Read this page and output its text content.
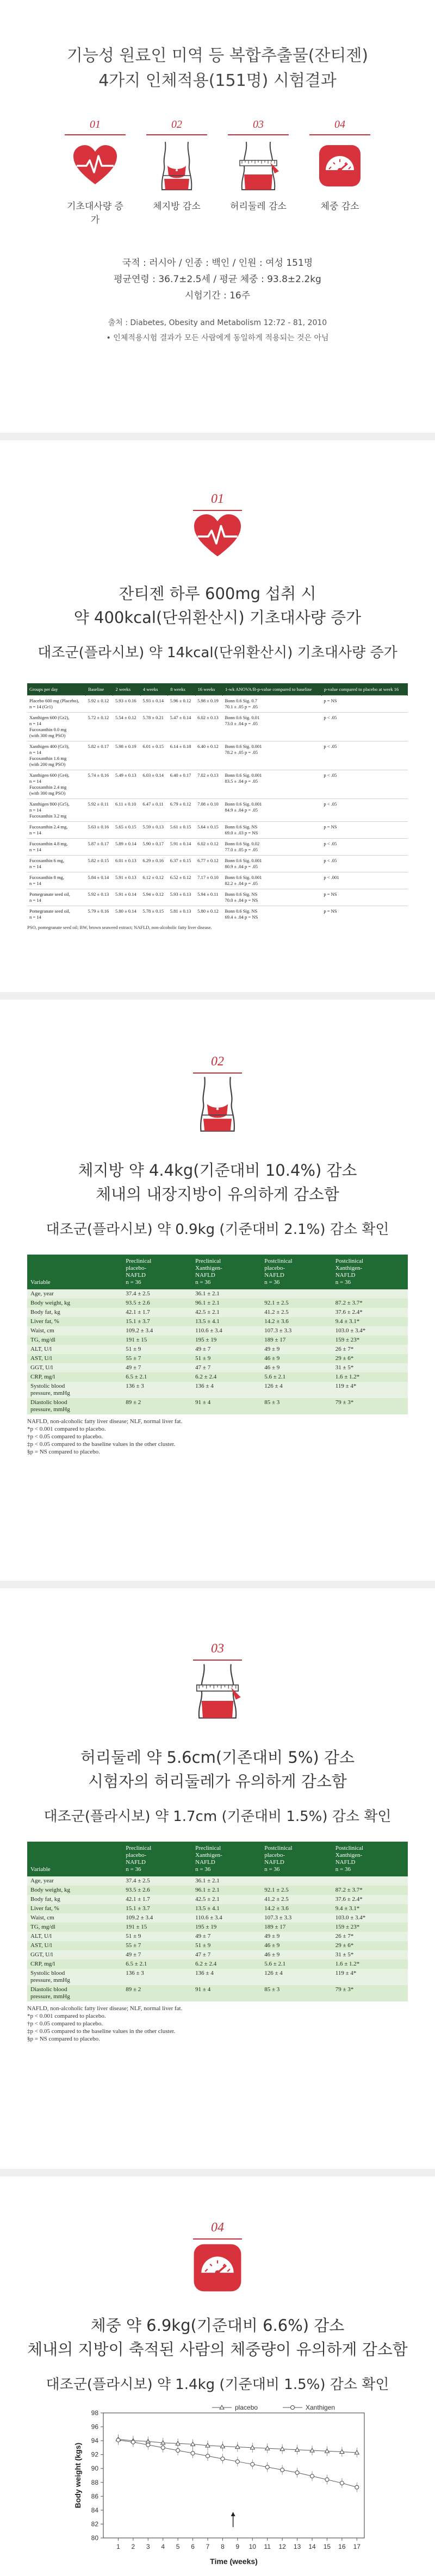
기능성 원료인 미역 등 복합추출물(잔티젠)
4가지 인체적용(151명) 시험결과
01
기초대사량 증가
02
체지방 감소
03
허리둘레 감소
04
체중 감소
국적 : 러시아 / 인종 : 백인 / 인원 : 여성 151명
평균연령 : 36.7±2.5세 / 평균 체중 : 93.8±2.2kg
시험기간 : 16주
출처 : Diabetes, Obesity and Metabolism 12:72 - 81, 2010
• 인체적용시험 결과가 모든 사람에게 동일하게 적용되는 것은 아님
01
잔티젠 하루 600mg 섭취 시
약 400kcal(단위환산시) 기초대사량 증가
대조군(플라시보) 약 14kcal(단위환산시) 기초대사량 증가
Groups per day	Baseline	2 weeks	4 weeks	8 weeks	16 weeks	1-wk ANOVA/B-p-value compared to baseline	p-value compared to placebo at week 16
Placebo 600 mg (Placebo),
n = 14 (Gr1)	5.92 ± 0.12	5.93 ± 0.16	5.93 ± 0.14	5.96 ± 0.12	5.98 ± 0.19	Bonn 0.6 Sig. 0.7
70.1 ± .05 p = .05	p = NS
Xanthigen 600 (Gr2),
n = 14
Fucoxanthin 0.0 mg
(with 300 mg PSO)	5.72 ± 0.12	5.54 ± 0.12	5.78 ± 0.21	5.47 ± 0.14	6.02 ± 0.13	Bonn 0.6 Sig. 0.01
73.0 ± .04 p = .05	p < .05
Xanthigen 400 (Gr3),
n = 14
Fucoxanthin 1.6 mg
(with 200 mg PSO)	5.82 ± 0.17	5.98 ± 0.19	6.01 ± 0.15	6.14 ± 0.18	6.40 ± 0.12	Bonn 0.6 Sig. 0.001
78.2 ± .05 p = .05	p < .05
Xanthigen 600 (Gr4),
n = 14
Fucoxanthin 2.4 mg
(with 300 mg PSO)	5.74 ± 0.16	5.49 ± 0.13	6.03 ± 0.14	6.40 ± 0.17	7.02 ± 0.13	Bonn 0.6 Sig. 0.001
83.5 ± .04 p = .05	p < .05
Xanthigen 800 (Gr5),
n = 14
Fucoxanthin 3.2 mg	5.92 ± 0.11	6.11 ± 0.10	6.47 ± 0.11	6.79 ± 0.12	7.08 ± 0.10	Bonn 0.6 Sig. 0.001
84.9 ± .04 p = .05	p < .05
Fucoxanthin 2.4 mg,
n = 14	5.63 ± 0.16	5.65 ± 0.15	5.59 ± 0.13	5.61 ± 0.15	5.64 ± 0.15	Bonn 0.6 Sig. NS
69.0 ± .03 p = NS	p = NS
Fucoxanthin 4.8 mg,
n = 14	5.87 ± 0.17	5.89 ± 0.14	5.90 ± 0.17	5.91 ± 0.14	6.02 ± 0.12	Bonn 0.6 Sig. 0.02
77.0 ± .05 p = .05	p < .05
Fucoxanthin 6 mg,
n = 14	5.82 ± 0.15	6.01 ± 0.13	6.29 ± 0.16	6.37 ± 0.15	6.77 ± 0.12	Bonn 0.6 Sig. 0.001
80.9 ± .04 p = .05	p < .05
Fucoxanthin 8 mg,
n = 14	5.84 ± 0.14	5.91 ± 0.13	6.12 ± 0.12	6.52 ± 0.12	7.17 ± 0.10	Bonn 0.6 Sig. 0.001
82.2 ± .04 p = .05	p < .001
Pomegranate seed oil,
n = 14	5.92 ± 0.13	5.91 ± 0.14	5.94 ± 0.12	5.93 ± 0.13	5.94 ± 0.11	Bonn 0.6 Sig. NS
70.0 ± .04 p = NS	p = NS
Pomegranate seed oil,
n = 14	5.79 ± 0.16	5.80 ± 0.14	5.78 ± 0.15	5.81 ± 0.13	5.80 ± 0.12	Bonn 0.6 Sig. NS
69.4 ± .04 p = NS	p = NS
PSO, pomegranate seed oil; BW, brown seaweed extract; NAFLD, non-alcoholic fatty liver disease.
02
체지방 약 4.4kg(기준대비 10.4%) 감소
체내의 내장지방이 유의하게 감소함
대조군(플라시보) 약 0.9kg (기준대비 2.1%) 감소 확인
Variable	Preclinical
placebo-
NAFLD
n = 36	Preclinical
Xanthigen-
NAFLD
n = 36	Postclinical
placebo-
NAFLD
n = 36	Postclinical
Xanthigen-
NAFLD
n = 36
Age, year	37.4 ± 2.5	36.1 ± 2.1		
Body weight, kg	93.5 ± 2.6	96.1 ± 2.1	92.1 ± 2.5	87.2 ± 3.7*
Body fat, kg	42.1 ± 1.7	42.5 ± 2.1	41.2 ± 2.5	37.6 ± 2.4*
Liver fat, %	15.1 ± 3.7	13.5 ± 4.1	14.2 ± 3.6	9.4 ± 3.1*
Waist, cm	109.2 ± 3.4	110.6 ± 3.4	107.3 ± 3.3	103.0 ± 3.4*
TG, mg/dl	191 ± 15	195 ± 19	189 ± 17	159 ± 23*
ALT, U/l	51 ± 9	49 ± 7	49 ± 9	26 ± 7*
AST, U/l	55 ± 7	51 ± 9	46 ± 9	29 ± 6*
GGT, U/l	49 ± 7	47 ± 7	46 ± 9	31 ± 5*
CRP, mg/l	6.5 ± 2.1	6.2 ± 2.4	5.6 ± 2.1	1.6 ± 1.2*
Systolic blood
pressure, mmHg	136 ± 3	136 ± 4	126 ± 4	119 ± 4*
Diastolic blood
pressure, mmHg	89 ± 2	91 ± 4	85 ± 3	79 ± 3*

NAFLD, non-alcoholic fatty liver disease; NLF, normal liver fat.

*p < 0.001 compared to placebo.

†p < 0.05 compared to placebo.

‡p < 0.05 compared to the baseline values in the other cluster.

§p = NS compared to placebo.

03
허리둘레 약 5.6cm(기존대비 5%) 감소
시험자의 허리둘레가 유의하게 감소함
대조군(플라시보) 약 1.7cm (기준대비 1.5%) 감소 확인
Variable	Preclinical
placebo-
NAFLD
n = 36	Preclinical
Xanthigen-
NAFLD
n = 36	Postclinical
placebo-
NAFLD
n = 36	Postclinical
Xanthigen-
NAFLD
n = 36
Age, year	37.4 ± 2.5	36.1 ± 2.1		
Body weight, kg	93.5 ± 2.6	96.1 ± 2.1	92.1 ± 2.5	87.2 ± 3.7*
Body fat, kg	42.1 ± 1.7	42.5 ± 2.1	41.2 ± 2.5	37.6 ± 2.4*
Liver fat, %	15.1 ± 3.7	13.5 ± 4.1	14.2 ± 3.6	9.4 ± 3.1*
Waist, cm	109.2 ± 3.4	110.6 ± 3.4	107.3 ± 3.3	103.0 ± 3.4*
TG, mg/dl	191 ± 15	195 ± 19	189 ± 17	159 ± 23*
ALT, U/l	51 ± 9	49 ± 7	49 ± 9	26 ± 7*
AST, U/l	55 ± 7	51 ± 9	46 ± 9	29 ± 6*
GGT, U/l	49 ± 7	47 ± 7	46 ± 9	31 ± 5*
CRP, mg/l	6.5 ± 2.1	6.2 ± 2.4	5.6 ± 2.1	1.6 ± 1.2*
Systolic blood
pressure, mmHg	136 ± 3	136 ± 4	126 ± 4	119 ± 4*
Diastolic blood
pressure, mmHg	89 ± 2	91 ± 4	85 ± 3	79 ± 3*

NAFLD, non-alcoholic fatty liver disease; NLF, normal liver fat.

*p < 0.001 compared to placebo.

†p < 0.05 compared to placebo.

‡p < 0.05 compared to the baseline values in the other cluster.

§p = NS compared to placebo.

04
체중 약 6.9kg(기준대비 6.6%) 감소
체내의 지방이 축적된 사람의 체중량이 유의하게 감소함
대조군(플라시보) 약 1.4kg (기준대비 1.5%) 감소 확인
80
82
84
86
88
90
92
94
96
98
1 2 3 4 5 6 7 8 9 10 11 12 13 14 15 16 17
Time (weeks)
Body weight (kgs)
placebo	Xanthigen
